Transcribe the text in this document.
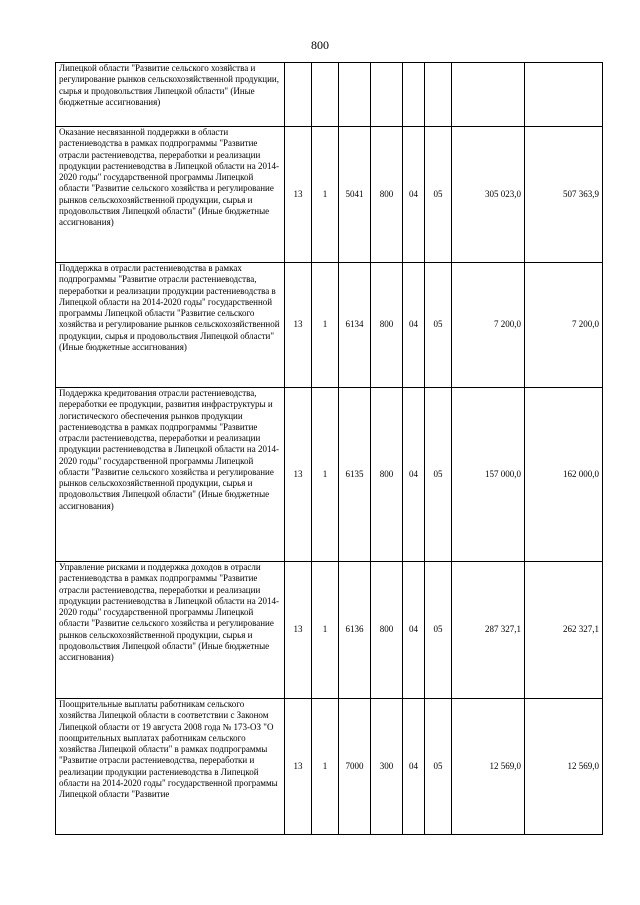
800
Липецкой области "Развитие сельского хозяйства и регулирование рынков сельскохозяйственной продукции, сырья и продовольствия Липецкой области" (Иные бюджетные ассигнования)								
Оказание несвязанной поддержки в области растениеводства в рамках подпрограммы "Развитие отрасли растениеводства, переработки и реализации продукции растениеводства в Липецкой области на 2014-2020 годы" государственной программы Липецкой области "Развитие сельского хозяйства и регулирование рынков сельскохозяйственной продукции, сырья и продовольствия Липецкой области" (Иные бюджетные ассигнования)	13	1	5041	800	04	05	305 023,0	507 363,9
Поддержка в отрасли растениеводства в рамках подпрограммы "Развитие отрасли растениеводства, переработки и реализации продукции растениеводства в Липецкой области на 2014-2020 годы" государственной программы Липецкой области "Развитие сельского хозяйства и регулирование рынков сельскохозяйственной продукции, сырья и продовольствия Липецкой области" (Иные бюджетные ассигнования)	13	1	6134	800	04	05	7 200,0	7 200,0
Поддержка кредитования отрасли растениеводства, переработки ее продукции, развития инфраструктуры и логистического обеспечения рынков продукции растениеводства в рамках подпрограммы "Развитие отрасли растениеводства, переработки и реализации продукции растениеводства в Липецкой области на 2014-2020 годы" государственной программы Липецкой области "Развитие сельского хозяйства и регулирование рынков сельскохозяйственной продукции, сырья и продовольствия Липецкой области" (Иные бюджетные ассигнования)	13	1	6135	800	04	05	157 000,0	162 000,0
Управление рисками и поддержка доходов в отрасли растениеводства в рамках подпрограммы "Развитие отрасли растениеводства, переработки и реализации продукции растениеводства в Липецкой области на 2014-2020 годы" государственной программы Липецкой области "Развитие сельского хозяйства и регулирование рынков сельскохозяйственной продукции, сырья и продовольствия Липецкой области" (Иные бюджетные ассигнования)	13	1	6136	800	04	05	287 327,1	262 327,1
Поощрительные выплаты работникам сельского хозяйства Липецкой области в соответствии с Законом Липецкой области от 19 августа 2008 года № 173-ОЗ "О поощрительных выплатах работникам сельского хозяйства Липецкой области" в рамках подпрограммы "Развитие отрасли растениеводства, переработки и реализации продукции растениеводства в Липецкой области на 2014-2020 годы" государственной программы Липецкой области "Развитие	13	1	7000	300	04	05	12 569,0	12 569,0
